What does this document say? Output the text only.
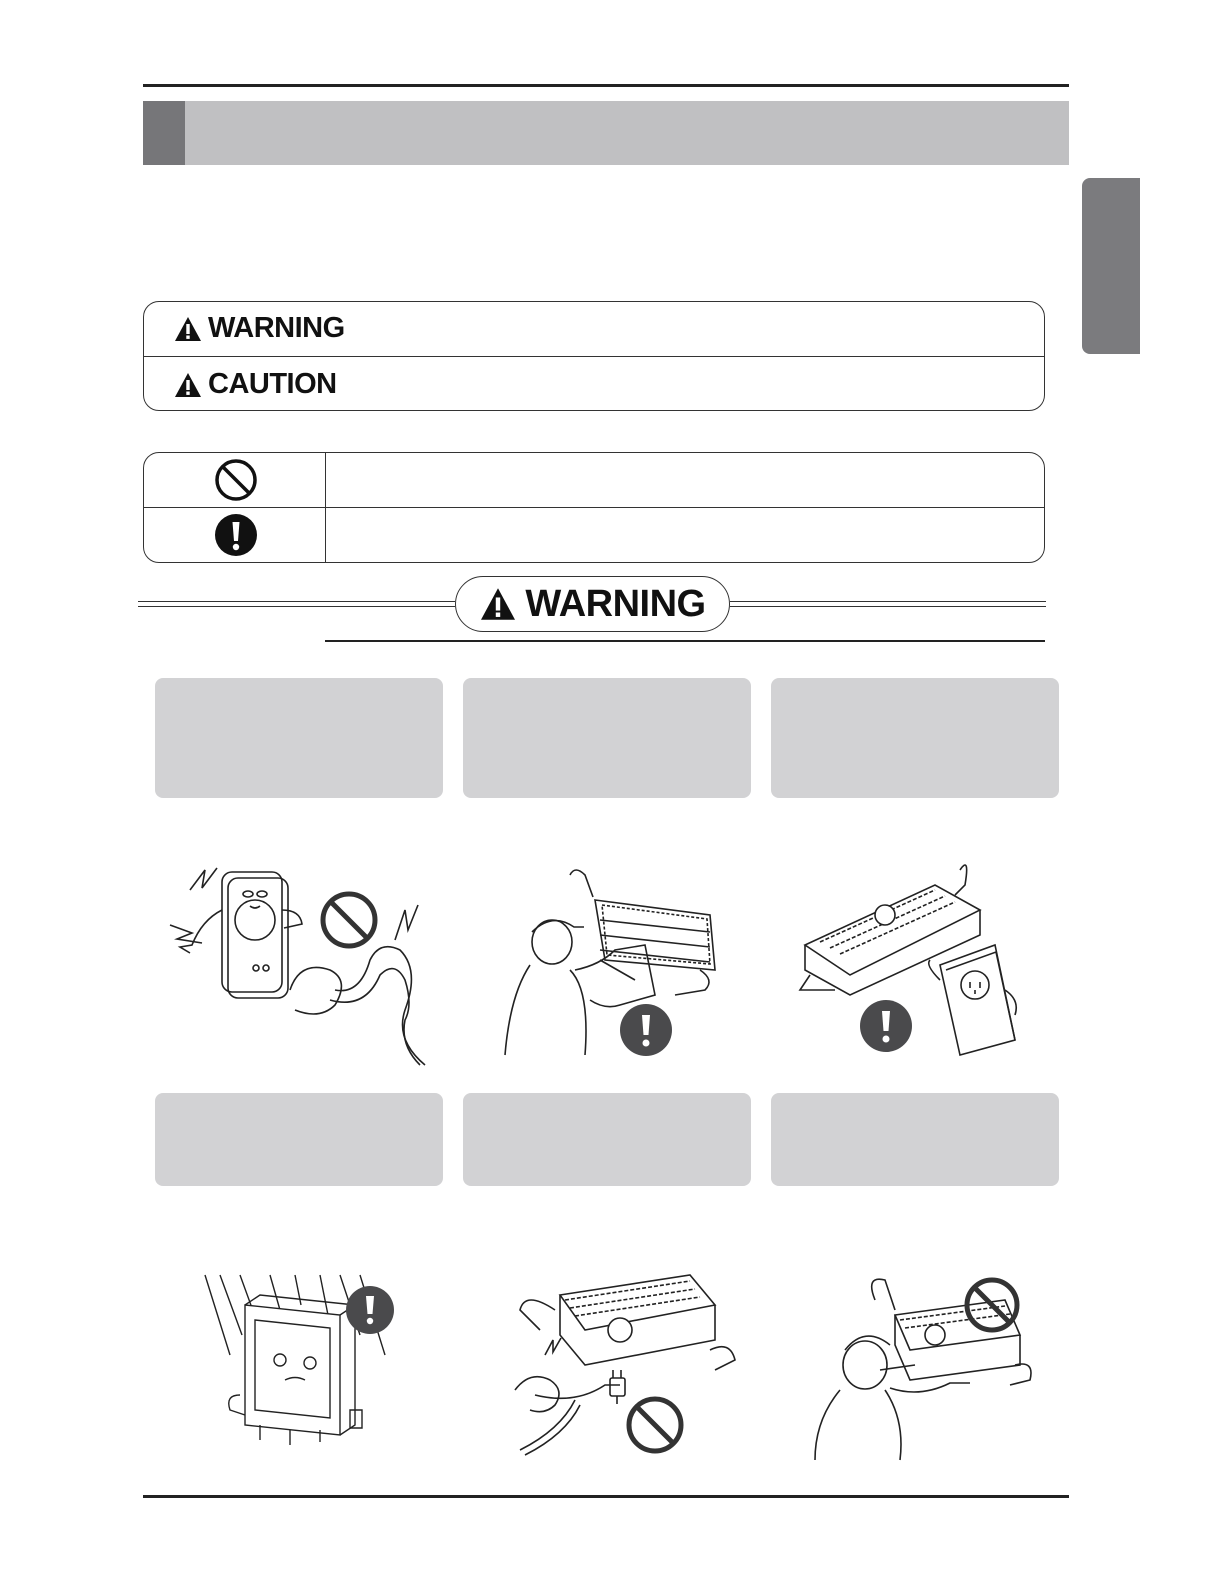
WARNING
CAUTION
WARNING
